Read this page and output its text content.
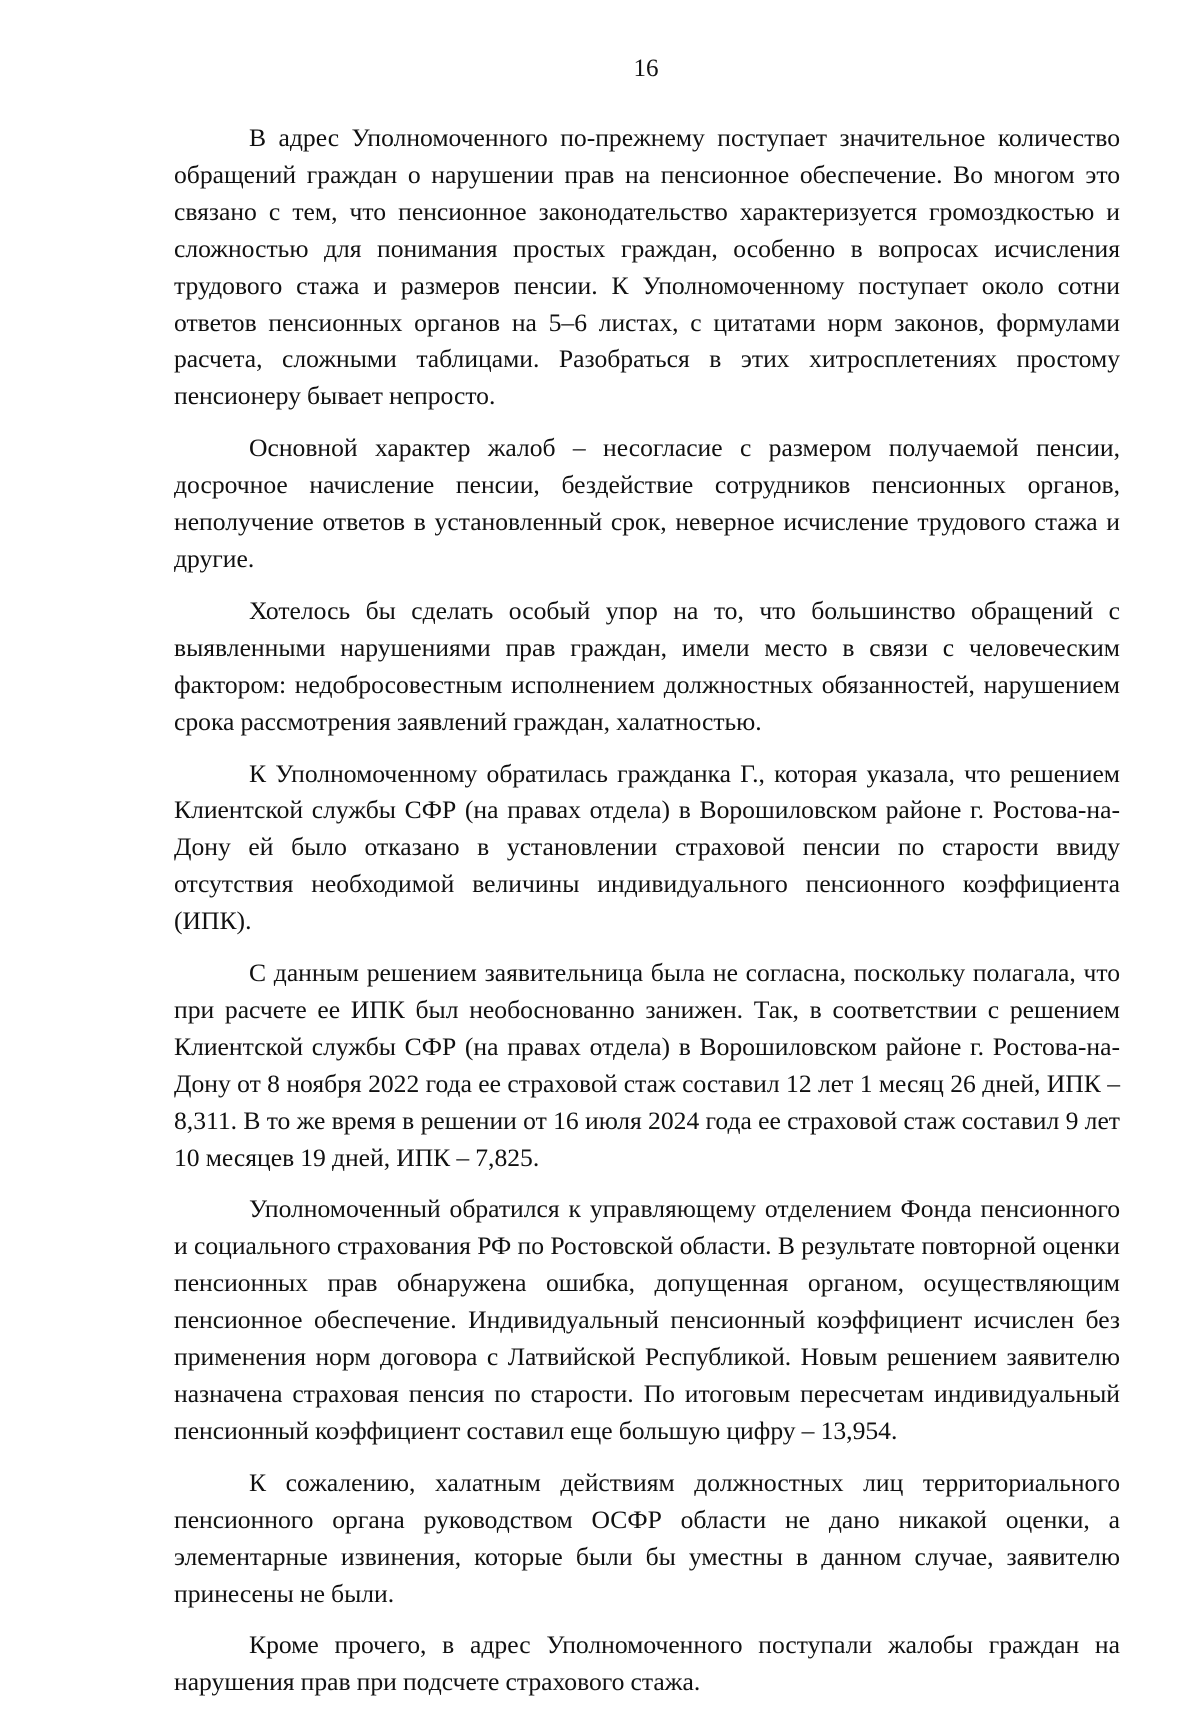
16

В адрес Уполномоченного по-прежнему поступает значительное количество обращений граждан о нарушении прав на пенсионное обеспечение. Во многом это связано с тем, что пенсионное законодательство характеризуется громоздкостью и сложностью для понимания простых граждан, особенно в вопросах исчисления трудового стажа и размеров пенсии. К Уполномоченному поступает около сотни ответов пенсионных органов на 5–6 листах, с цитатами норм законов, формулами расчета, сложными таблицами. Разобраться в этих хитросплетениях простому пенсионеру бывает непросто.

Основной характер жалоб – несогласие с размером получаемой пенсии, досрочное начисление пенсии, бездействие сотрудников пенсионных органов, неполучение ответов в установленный срок, неверное исчисление трудового стажа и другие.

Хотелось бы сделать особый упор на то, что большинство обращений с выявленными нарушениями прав граждан, имели место в связи с человеческим фактором: недобросовестным исполнением должностных обязанностей, нарушением срока рассмотрения заявлений граждан, халатностью.

К Уполномоченному обратилась гражданка Г., которая указала, что решением Клиентской службы СФР (на правах отдела) в Ворошиловском районе г. Ростова-на-Дону ей было отказано в установлении страховой пенсии по старости ввиду отсутствия необходимой величины индивидуального пенсионного коэффициента (ИПК).

С данным решением заявительница была не согласна, поскольку полагала, что при расчете ее ИПК был необоснованно занижен. Так, в соответствии с решением Клиентской службы СФР (на правах отдела) в Ворошиловском районе г. Ростова-на-Дону от 8 ноября 2022 года ее страховой стаж составил 12 лет 1 месяц 26 дней, ИПК – 8,311. В то же время в решении от 16 июля 2024 года ее страховой стаж составил 9 лет 10 месяцев 19 дней, ИПК – 7,825.

Уполномоченный обратился к управляющему отделением Фонда пенсионного и социального страхования РФ по Ростовской области. В результате повторной оценки пенсионных прав обнаружена ошибка, допущенная органом, осуществляющим пенсионное обеспечение. Индивидуальный пенсионный коэффициент исчислен без применения норм договора с Латвийской Республикой. Новым решением заявителю назначена страховая пенсия по старости. По итоговым пересчетам индивидуальный пенсионный коэффициент составил еще большую цифру – 13,954.

К сожалению, халатным действиям должностных лиц территориального пенсионного органа руководством ОСФР области не дано никакой оценки, а элементарные извинения, которые были бы уместны в данном случае, заявителю принесены не были.

Кроме прочего, в адрес Уполномоченного поступали жалобы граждан на нарушения прав при подсчете страхового стажа.
